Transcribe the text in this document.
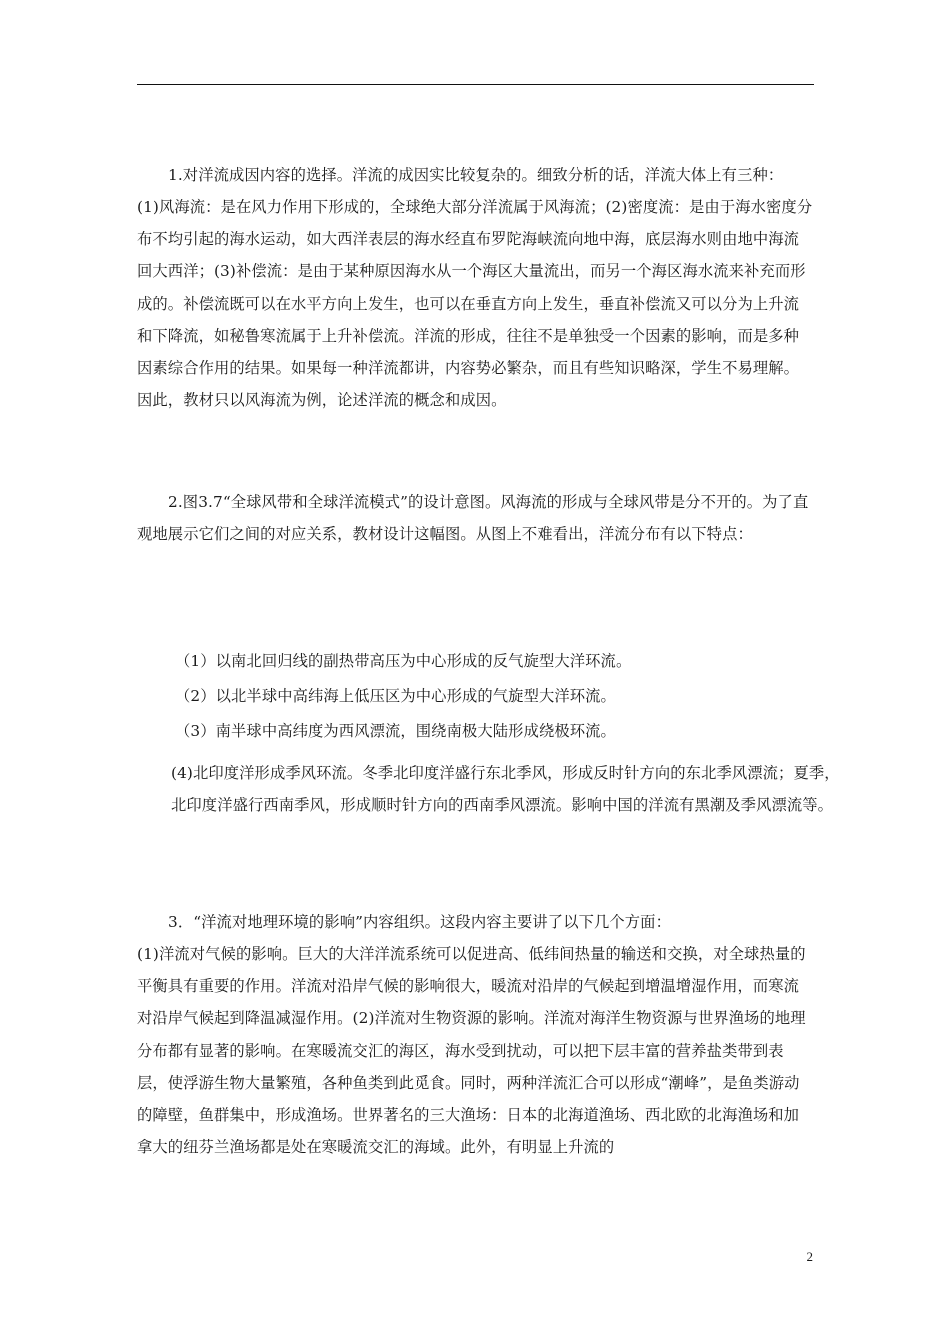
1.对洋流成因内容的选择。洋流的成因实比较复杂的。细致分析的话，洋流大体上有三种：

(1)风海流：是在风力作用下形成的，全球绝大部分洋流属于风海流；(2)密度流：是由于海水密度分布不均引起的海水运动，如大西洋表层的海水经直布罗陀海峡流向地中海，底层海水则由地中海流回大西洋；(3)补偿流：是由于某种原因海水从一个海区大量流出，而另一个海区海水流来补充而形成的。补偿流既可以在水平方向上发生，也可以在垂直方向上发生，垂直补偿流又可以分为上升流和下降流，如秘鲁寒流属于上升补偿流。洋流的形成，往往不是单独受一个因素的影响，而是多种因素综合作用的结果。如果每一种洋流都讲，内容势必繁杂，而且有些知识略深，学生不易理解。因此，教材只以风海流为例，论述洋流的概念和成因。

2.图3.7“全球风带和全球洋流模式”的设计意图。风海流的形成与全球风带是分不开的。为了直观地展示它们之间的对应关系，教材设计这幅图。从图上不难看出，洋流分布有以下特点：

（1）以南北回归线的副热带高压为中心形成的反气旋型大洋环流。

（2）以北半球中高纬海上低压区为中心形成的气旋型大洋环流。

（3）南半球中高纬度为西风漂流，围绕南极大陆形成绕极环流。

(4)北印度洋形成季风环流。冬季北印度洋盛行东北季风，形成反时针方向的东北季风漂流；夏季，北印度洋盛行西南季风，形成顺时针方向的西南季风漂流。影响中国的洋流有黑潮及季风漂流等。

3．“洋流对地理环境的影响”内容组织。这段内容主要讲了以下几个方面：

(1)洋流对气候的影响。巨大的大洋洋流系统可以促进高、低纬间热量的输送和交换，对全球热量的平衡具有重要的作用。洋流对沿岸气候的影响很大，暖流对沿岸的气候起到增温增湿作用，而寒流对沿岸气候起到降温减湿作用。(2)洋流对生物资源的影响。洋流对海洋生物资源与世界渔场的地理分布都有显著的影响。在寒暖流交汇的海区，海水受到扰动，可以把下层丰富的营养盐类带到表层，使浮游生物大量繁殖，各种鱼类到此觅食。同时，两种洋流汇合可以形成“潮峰”，是鱼类游动的障壁，鱼群集中，形成渔场。世界著名的三大渔场：日本的北海道渔场、西北欧的北海渔场和加拿大的纽芬兰渔场都是处在寒暖流交汇的海域。此外，有明显上升流的

2
